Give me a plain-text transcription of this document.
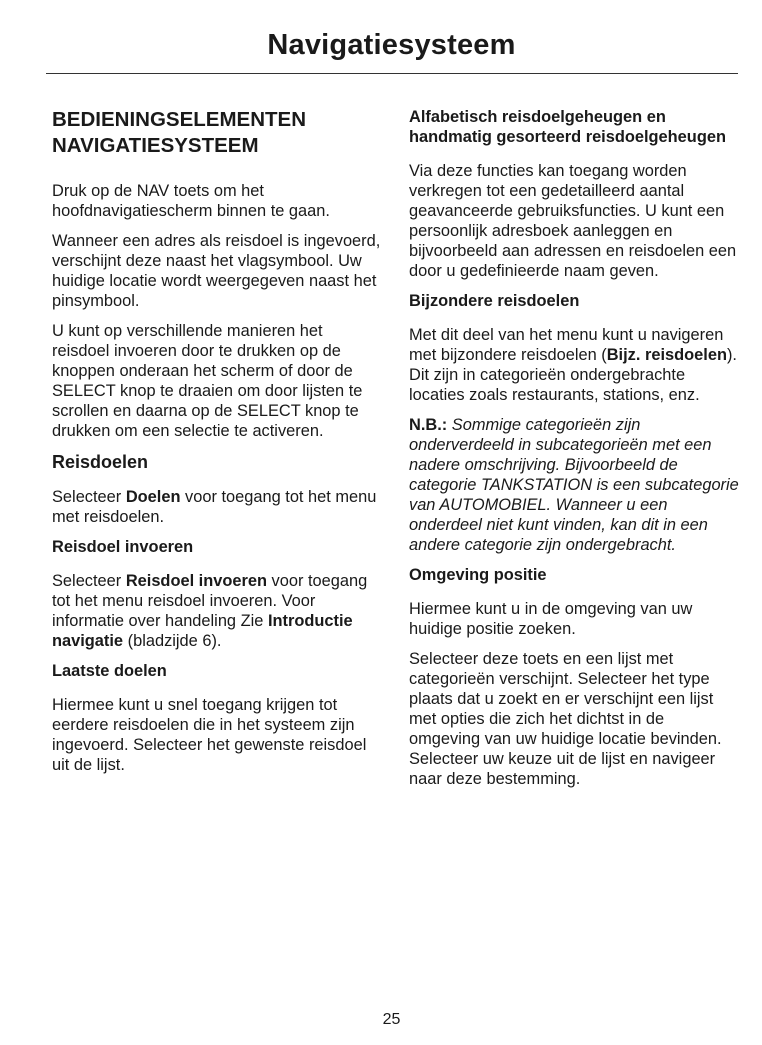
Navigatiesysteem
BEDIENINGSELEMENTEN NAVIGATIESYSTEEM

Druk op de NAV toets om het hoofdnavigatiescherm binnen te gaan.

Wanneer een adres als reisdoel is ingevoerd, verschijnt deze naast het vlagsymbool. Uw huidige locatie wordt weergegeven naast het pinsymbool.

U kunt op verschillende manieren het reisdoel invoeren door te drukken op de knoppen onderaan het scherm of door de SELECT knop te draaien om door lijsten te scrollen en daarna op de SELECT knop te drukken om een selectie te activeren.

Reisdoelen

Selecteer Doelen voor toegang tot het menu met reisdoelen.

Reisdoel invoeren

Selecteer Reisdoel invoeren voor toegang tot het menu reisdoel invoeren. Voor informatie over handeling Zie Introductie navigatie (bladzijde 6).

Laatste doelen

Hiermee kunt u snel toegang krijgen tot eerdere reisdoelen die in het systeem zijn ingevoerd. Selecteer het gewenste reisdoel uit de lijst.

Alfabetisch reisdoelgeheugen en handmatig gesorteerd reisdoelgeheugen

Via deze functies kan toegang worden verkregen tot een gedetailleerd aantal geavanceerde gebruiksfuncties. U kunt een persoonlijk adresboek aanleggen en bijvoorbeeld aan adressen en reisdoelen een door u gedefinieerde naam geven.

Bijzondere reisdoelen

Met dit deel van het menu kunt u navigeren met bijzondere reisdoelen (Bijz. reisdoelen). Dit zijn in categorieën ondergebrachte locaties zoals restaurants, stations, enz.

N.B.: Sommige categorieën zijn onderverdeeld in subcategorieën met een nadere omschrijving. Bijvoorbeeld de categorie TANKSTATION is een subcategorie van AUTOMOBIEL. Wanneer u een onderdeel niet kunt vinden, kan dit in een andere categorie zijn ondergebracht.

Omgeving positie

Hiermee kunt u in de omgeving van uw huidige positie zoeken.

Selecteer deze toets en een lijst met categorieën verschijnt. Selecteer het type plaats dat u zoekt en er verschijnt een lijst met opties die zich het dichtst in de omgeving van uw huidige locatie bevinden. Selecteer uw keuze uit de lijst en navigeer naar deze bestemming.

25
